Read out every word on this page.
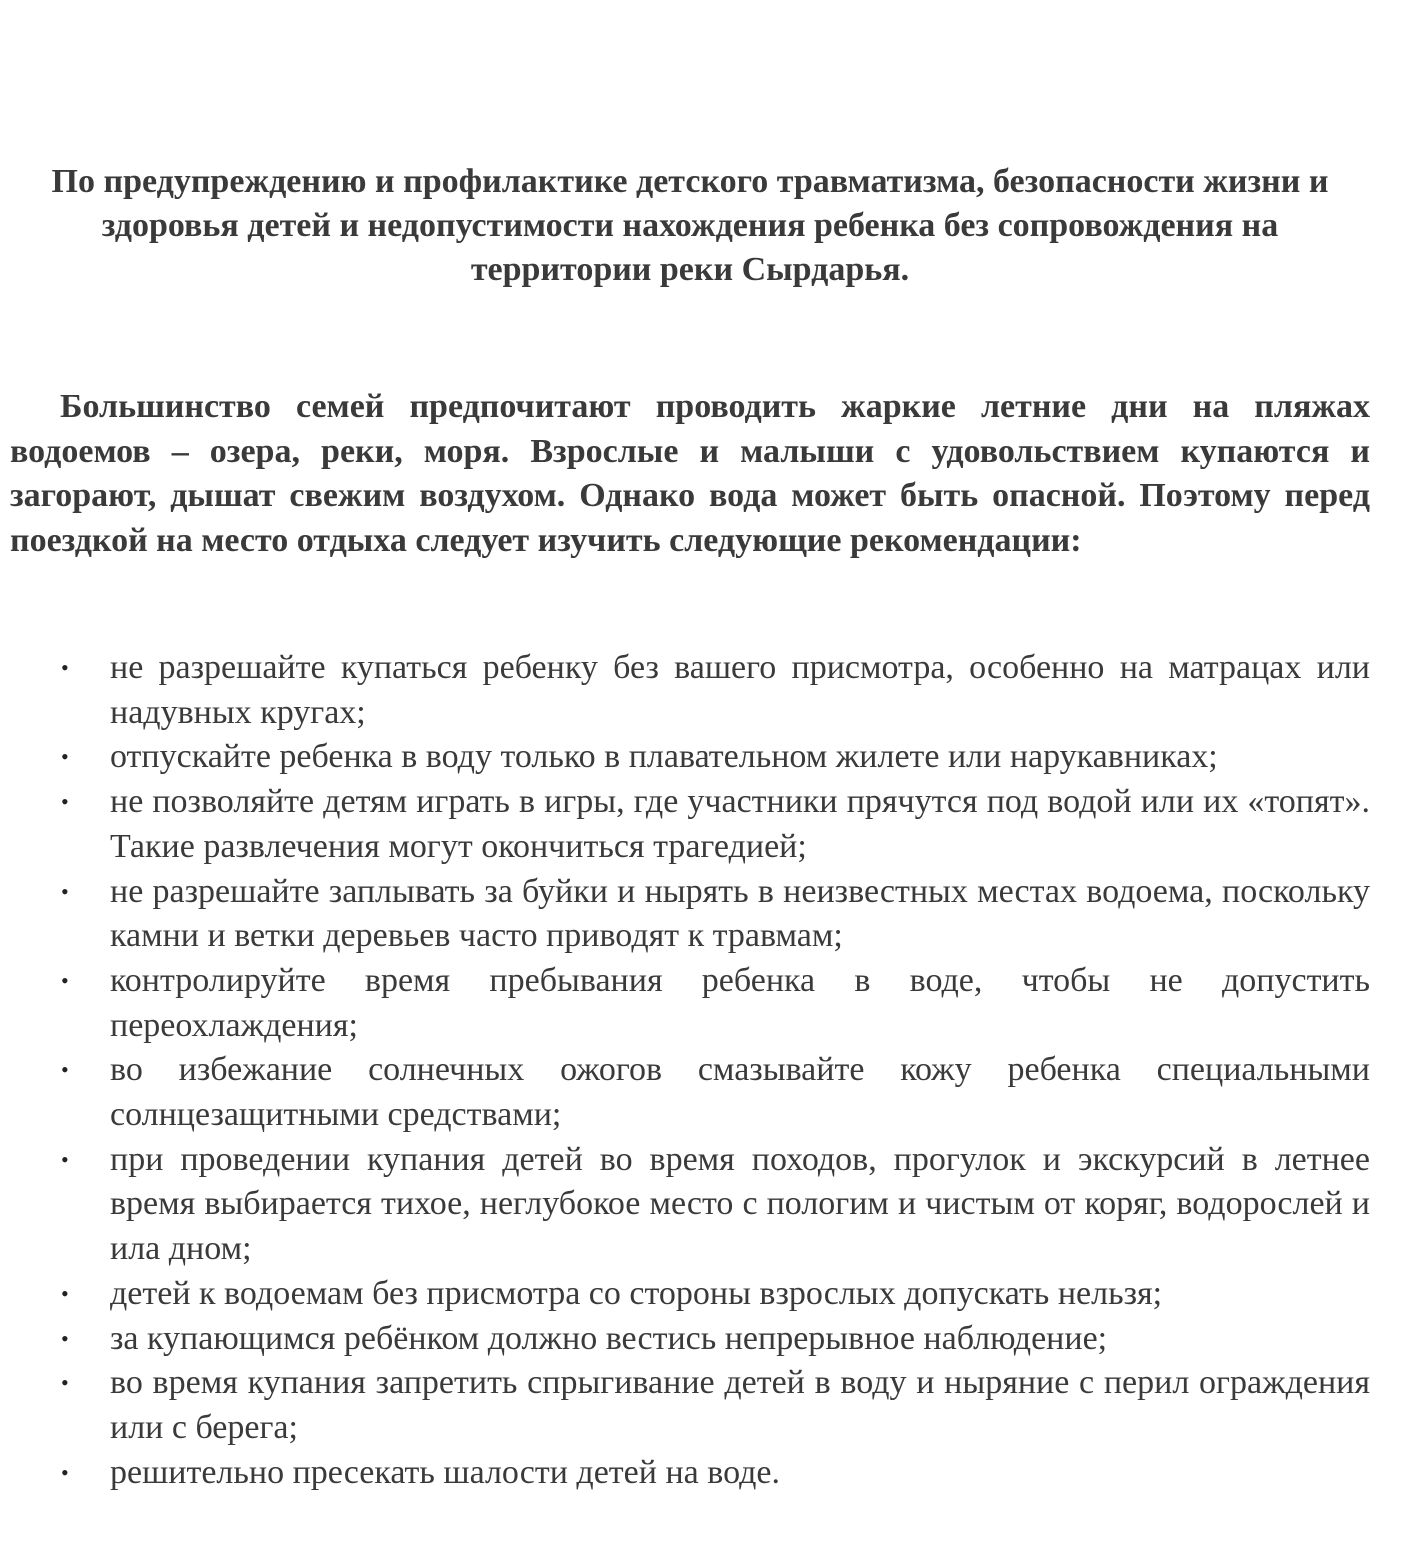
По предупреждению и профилактике детского травматизма, безопасности жизни и здоровья детей и недопустимости нахождения ребенка без сопровождения на территории реки Сырдарья.

Большинство семей предпочитают проводить жаркие летние дни на пляжах водоемов – озера, реки, моря. Взрослые и малыши с удовольствием купаются и загорают, дышат свежим воздухом. Однако вода может быть опасной. Поэтому перед поездкой на место отдыха следует изучить следующие рекомендации:

• не разрешайте купаться ребенку без вашего присмотра, особенно на матрацах или надувных кругах;
• отпускайте ребенка в воду только в плавательном жилете или нарукавниках;
• не позволяйте детям играть в игры, где участники прячутся под водой или их «топят». Такие развлечения могут окончиться трагедией;
• не разрешайте заплывать за буйки и нырять в неизвестных местах водоема, поскольку камни и ветки деревьев часто приводят к травмам;
• контролируйте время пребывания ребенка в воде, чтобы не допустить переохлаждения;
• во избежание солнечных ожогов смазывайте кожу ребенка специальными солнцезащитными средствами;
• при проведении купания детей во время походов, прогулок и экскурсий в летнее время выбирается тихое, неглубокое место с пологим и чистым от коряг, водорослей и ила дном;
• детей к водоемам без присмотра со стороны взрослых допускать нельзя;
• за купающимся ребёнком должно вестись непрерывное наблюдение;
• во время купания запретить спрыгивание детей в воду и ныряние с перил ограждения или с берега;
• решительно пресекать шалости детей на воде.
